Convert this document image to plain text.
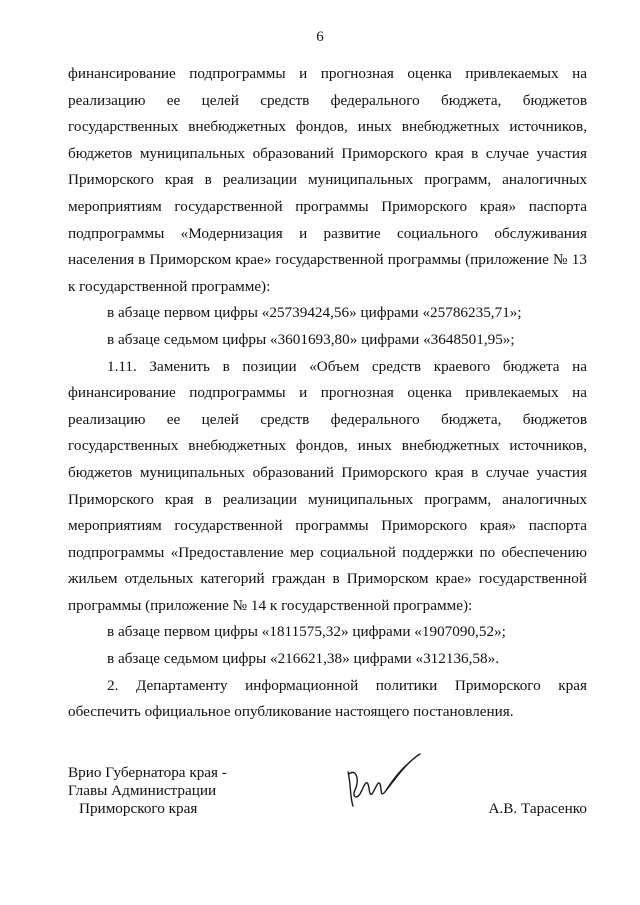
6

финансирование подпрограммы и прогнозная оценка привлекаемых на реализацию ее целей средств федерального бюджета, бюджетов государственных внебюджетных фондов, иных внебюджетных источников, бюджетов муниципальных образований Приморского края в случае участия Приморского края в реализации муниципальных программ, аналогичных мероприятиям государственной программы Приморского края» паспорта подпрограммы «Модернизация и развитие социального обслуживания населения в Приморском крае» государственной программы (приложение № 13 к государственной программе):

в абзаце первом цифры «25739424,56» цифрами «25786235,71»;

в абзаце седьмом цифры «3601693,80» цифрами «3648501,95»;

1.11. Заменить в позиции «Объем средств краевого бюджета на финансирование подпрограммы и прогнозная оценка привлекаемых на реализацию ее целей средств федерального бюджета, бюджетов государственных внебюджетных фондов, иных внебюджетных источников, бюджетов муниципальных образований Приморского края в случае участия Приморского края в реализации муниципальных программ, аналогичных мероприятиям государственной программы Приморского края» паспорта подпрограммы «Предоставление мер социальной поддержки по обеспечению жильем отдельных категорий граждан в Приморском крае» государственной программы (приложение № 14 к государственной программе):

в абзаце первом цифры «1811575,32» цифрами «1907090,52»;

в абзаце седьмом цифры «216621,38» цифрами «312136,58».

2. Департаменту информационной политики Приморского края обеспечить официальное опубликование настоящего постановления.

Врио Губернатора края -
Главы Администрации
Приморского края	А.В. Тарасенко
